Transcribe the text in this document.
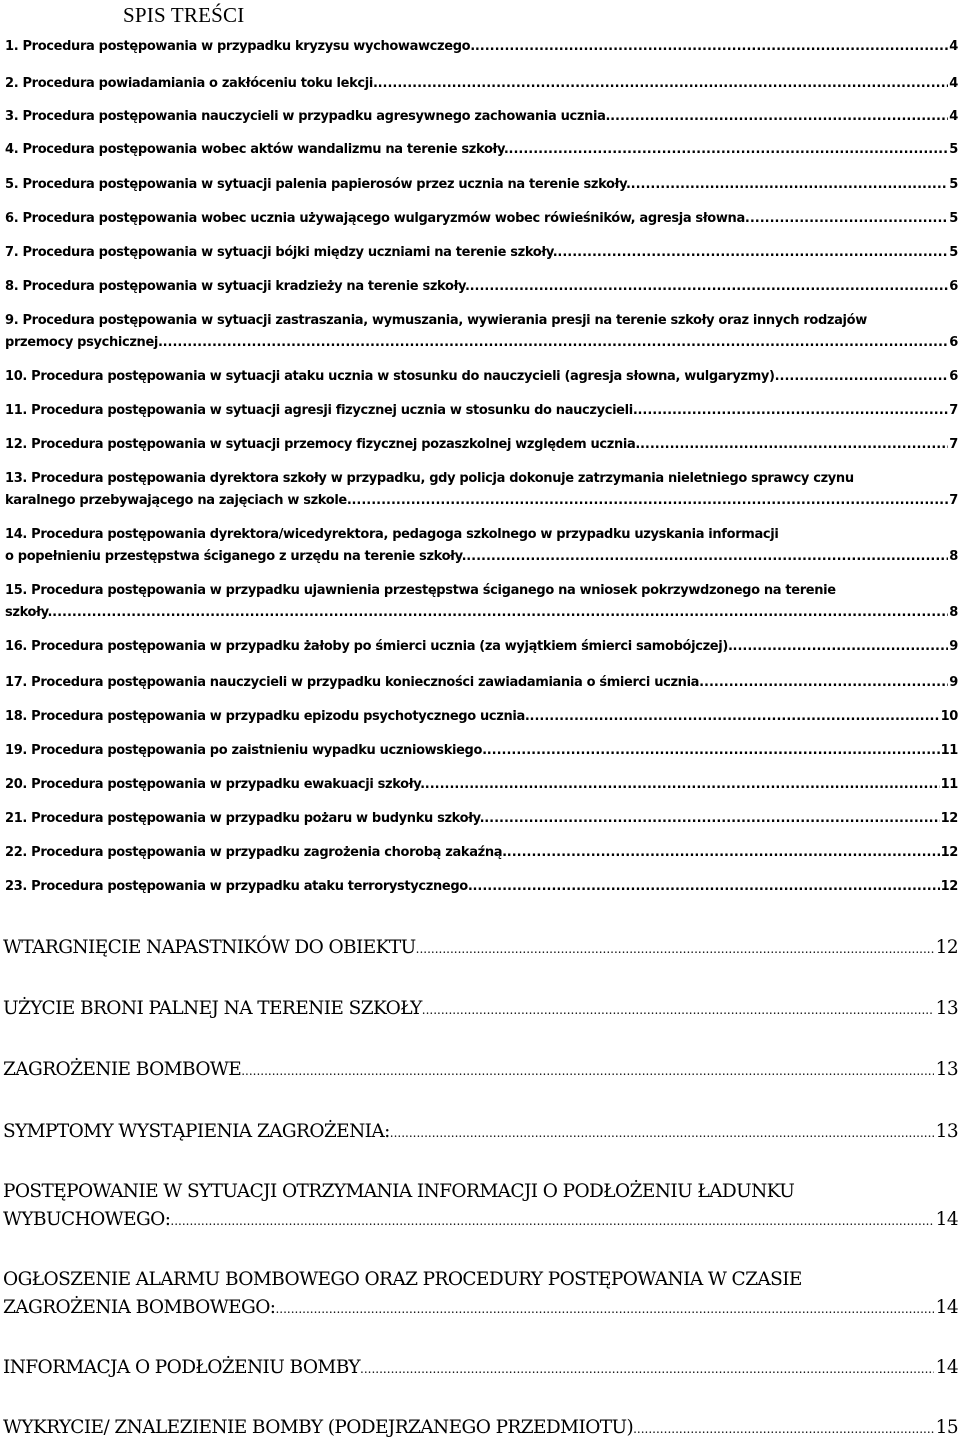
SPIS TREŚCI
1. Procedura postępowania w przypadku kryzysu wychowawczego. .....	4
2. Procedura powiadamiania o zakłóceniu toku lekcji. .....	4
3. Procedura postępowania nauczycieli w przypadku agresywnego zachowania ucznia. .....	4
4. Procedura postępowania wobec aktów wandalizmu na terenie szkoły. .....	5
5. Procedura postępowania w sytuacji palenia papierosów przez ucznia na terenie szkoły. .....	5
6. Procedura postępowania wobec ucznia używającego wulgaryzmów wobec rówieśników, agresja słowna .....	5
7. Procedura postępowania w sytuacji bójki między uczniami na terenie szkoły. .....	5
8. Procedura postępowania w sytuacji kradzieży na terenie szkoły. .....	6
9. Procedura postępowania w sytuacji zastraszania, wymuszania, wywierania presji na terenie szkoły oraz innych rodzajów
przemocy psychicznej. .....	6
10. Procedura postępowania w sytuacji ataku ucznia w stosunku do nauczycieli (agresja słowna, wulgaryzmy) .....	6
11. Procedura postępowania w sytuacji agresji fizycznej ucznia w stosunku do nauczycieli. .....	7
12. Procedura postępowania w sytuacji przemocy fizycznej pozaszkolnej względem ucznia. .....	7
13. Procedura postępowania dyrektora szkoły w przypadku, gdy policja dokonuje zatrzymania nieletniego sprawcy czynu
karalnego przebywającego na zajęciach w szkole. .....	7
14. Procedura postępowania dyrektora/wicedyrektora, pedagoga szkolnego w przypadku uzyskania informacji
o popełnieniu przestępstwa ściganego z urzędu na terenie szkoły. .....	8
15. Procedura postępowania w przypadku ujawnienia przestępstwa ściganego na wniosek pokrzywdzonego na terenie
szkoły. .....	8
16. Procedura postępowania w przypadku żałoby po śmierci ucznia (za wyjątkiem śmierci samobójczej). .....	9
17. Procedura postępowania nauczycieli w przypadku konieczności zawiadamiania o śmierci ucznia .....	9
18. Procedura postępowania w przypadku epizodu psychotycznego ucznia. .....	10
19. Procedura postępowania po zaistnieniu wypadku uczniowskiego. .....	11
20. Procedura postępowania w przypadku ewakuacji szkoły. .....	11
21. Procedura postępowania w przypadku pożaru w budynku szkoły. .....	12
22. Procedura postępowania w przypadku zagrożenia chorobą zakaźną. .....	12
23. Procedura postępowania w przypadku ataku terrorystycznego. .....	12
WTARGNIĘCIE NAPASTNIKÓW DO OBIEKTU .....	12
UŻYCIE BRONI PALNEJ NA TERENIE SZKOŁY .....	13
ZAGROŻENIE BOMBOWE .....	13
SYMPTOMY WYSTĄPIENIA ZAGROŻENIA: .....	13
POSTĘPOWANIE W SYTUACJI OTRZYMANIA INFORMACJI O PODŁOŻENIU ŁADUNKU
WYBUCHOWEGO: .....	14
OGŁOSZENIE ALARMU BOMBOWEGO ORAZ PROCEDURY POSTĘPOWANIA W CZASIE
ZAGROŻENIA BOMBOWEGO: .....	14
INFORMACJA O PODŁOŻENIU BOMBY .....	14
WYKRYCIE/ ZNALEZIENIE BOMBY (PODEJRZANEGO PRZEDMIOTU) .....	15
